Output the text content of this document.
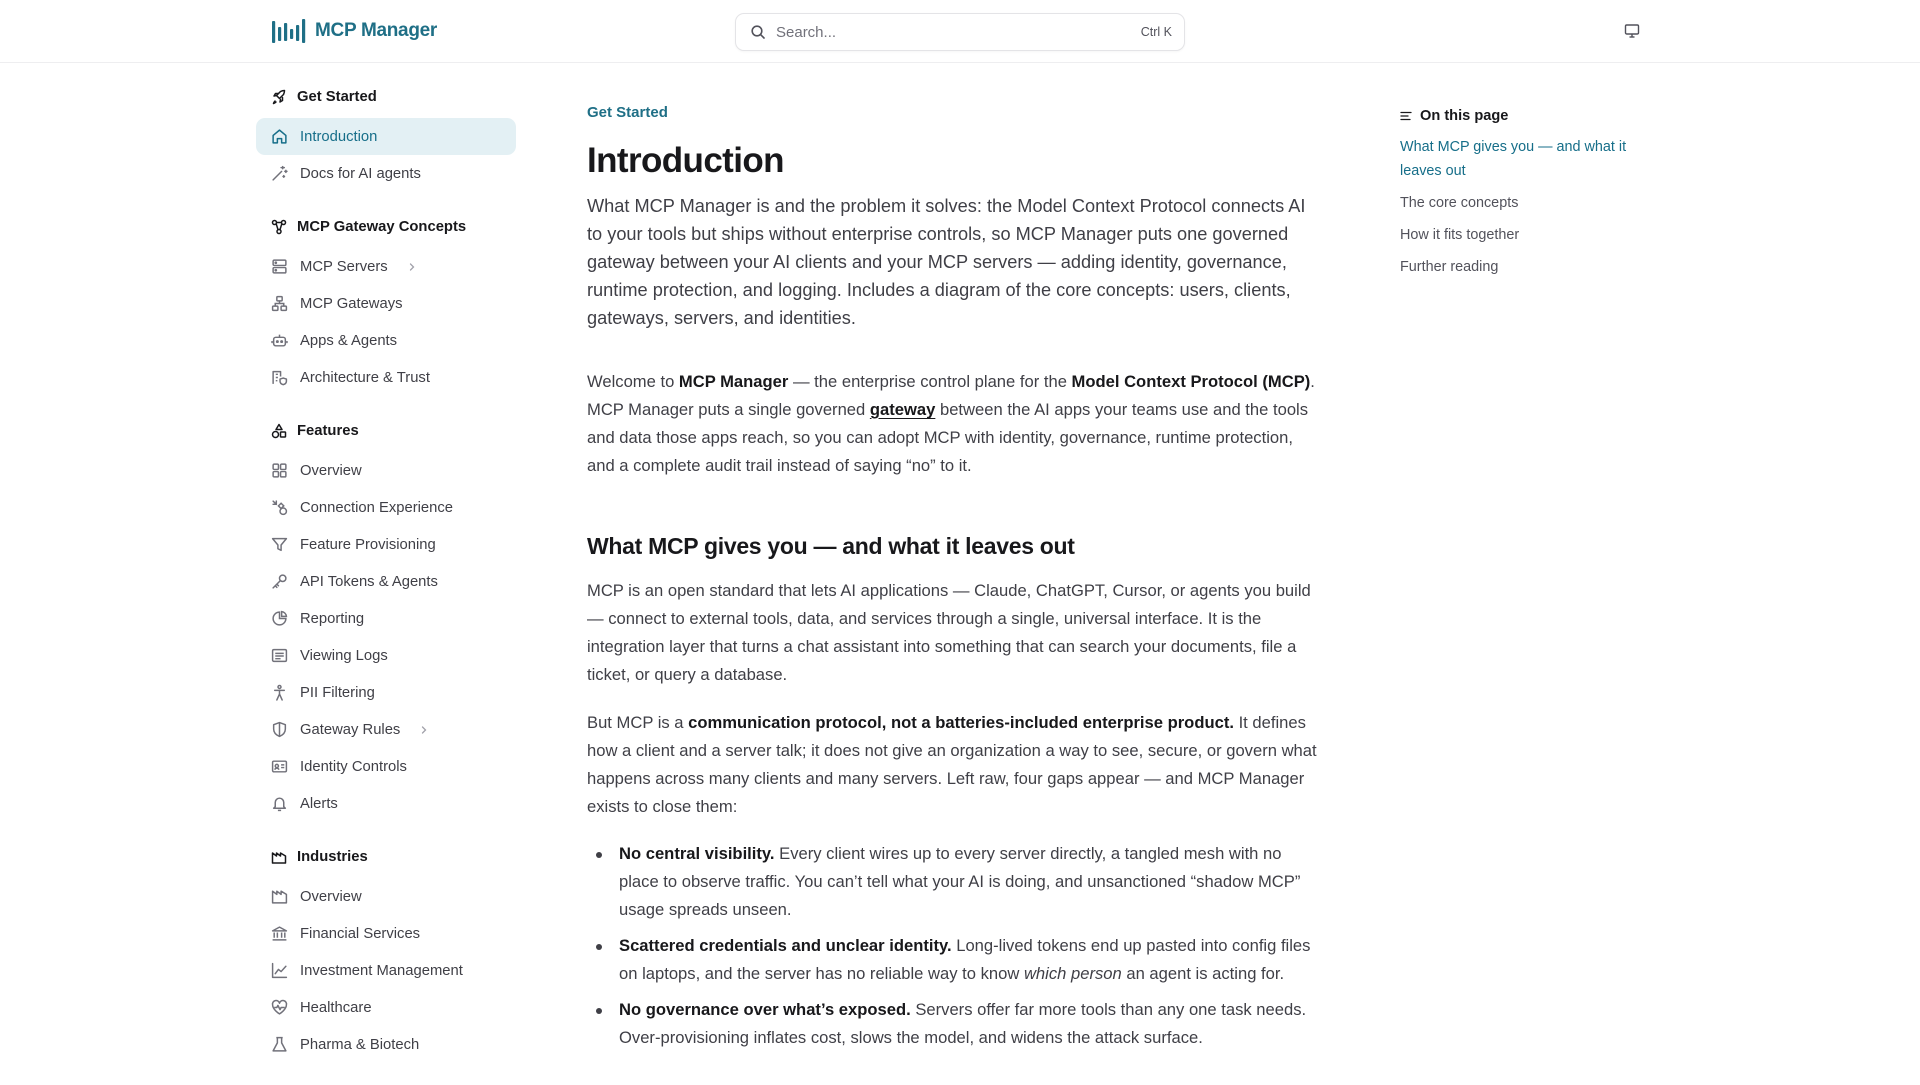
MCP Manager	Search...	Ctrl K
Get Started
Introduction
Docs for AI agents
MCP Gateway Concepts
MCP Servers
MCP Gateways
Apps & Agents
Architecture & Trust
Features
Overview
Connection Experience
Feature Provisioning
API Tokens & Agents
Reporting
Viewing Logs
PII Filtering
Gateway Rules
Identity Controls
Alerts
Industries
Overview
Financial Services
Investment Management
Healthcare
Pharma & Biotech
Get Started
Introduction

What MCP Manager is and the problem it solves: the Model Context Protocol connects AI to your tools but ships without enterprise controls, so MCP Manager puts one governed gateway between your AI clients and your MCP servers — adding identity, governance, runtime protection, and logging. Includes a diagram of the core concepts: users, clients, gateways, servers, and identities.

Welcome to MCP Manager — the enterprise control plane for the Model Context Protocol (MCP). MCP Manager puts a single governed gateway between the AI apps your teams use and the tools and data those apps reach, so you can adopt MCP with identity, governance, runtime protection, and a complete audit trail instead of saying “no” to it.

What MCP gives you — and what it leaves out

MCP is an open standard that lets AI applications — Claude, ChatGPT, Cursor, or agents you build — connect to external tools, data, and services through a single, universal interface. It is the integration layer that turns a chat assistant into something that can search your documents, file a ticket, or query a database.

But MCP is a communication protocol, not a batteries-included enterprise product. It defines how a client and a server talk; it does not give an organization a way to see, secure, or govern what happens across many clients and many servers. Left raw, four gaps appear — and MCP Manager exists to close them:

No central visibility. Every client wires up to every server directly, a tangled mesh with no place to observe traffic. You can’t tell what your AI is doing, and unsanctioned “shadow MCP” usage spreads unseen.
Scattered credentials and unclear identity. Long-lived tokens end up pasted into config files on laptops, and the server has no reliable way to know which person an agent is acting for.
No governance over what’s exposed. Servers offer far more tools than any one task needs. Over-provisioning inflates cost, slows the model, and widens the attack surface.
On this page
What MCP gives you — and what it leaves out
The core concepts
How it fits together
Further reading
